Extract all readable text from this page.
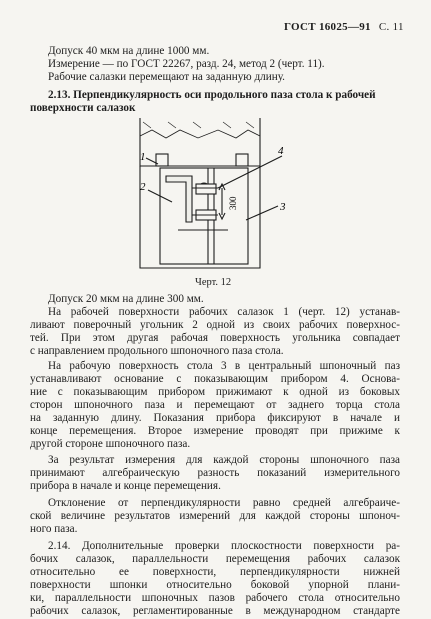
ГОСТ 16025—91 С. 11
Допуск 40 мкм на длине 1000 мм.
Измерение — по ГОСТ 22267, разд. 24, метод 2 (черт. 11).
Рабочие салазки перемещают на заданную длину.
2.13. Перпендикулярность оси продольного паза стола к рабочей
поверхности салазок
1
2
3
4
300
Черт. 12
Допуск 20 мкм на длине 300 мм.
На рабочей поверхности рабочих салазок 1 (черт. 12) устанав-
ливают поверочный угольник 2 одной из своих рабочих поверхнос-
тей. При этом другая рабочая поверхность угольника совпадает
с направлением продольного шпоночного паза стола.
На рабочую поверхность стола 3 в центральный шпоночный паз
устанавливают основание с показывающим прибором 4. Основа-
ние с показывающим прибором прижимают к одной из боковых
сторон шпоночного паза и перемещают от заднего торца стола
на заданную длину. Показания прибора фиксируют в начале и
конце перемещения. Второе измерение проводят при прижиме к
другой стороне шпоночного паза.
За результат измерения для каждой стороны шпоночного паза
принимают алгебраическую разность показаний измерительного
прибора в начале и конце перемещения.
Отклонение от перпендикулярности равно средней алгебраиче-
ской величине результатов измерений для каждой стороны шпоноч-
ного паза.
2.14. Дополнительные проверки плоскостности поверхности ра-
бочих салазок, параллельности перемещения рабочих салазок
относительно ее поверхности, перпендикулярности нижней
поверхности шпонки относительно боковой упорной плани-
ки, параллельности шпоночных пазов рабочего стола относительно
рабочих салазок, регламентированные в международном стандарте
